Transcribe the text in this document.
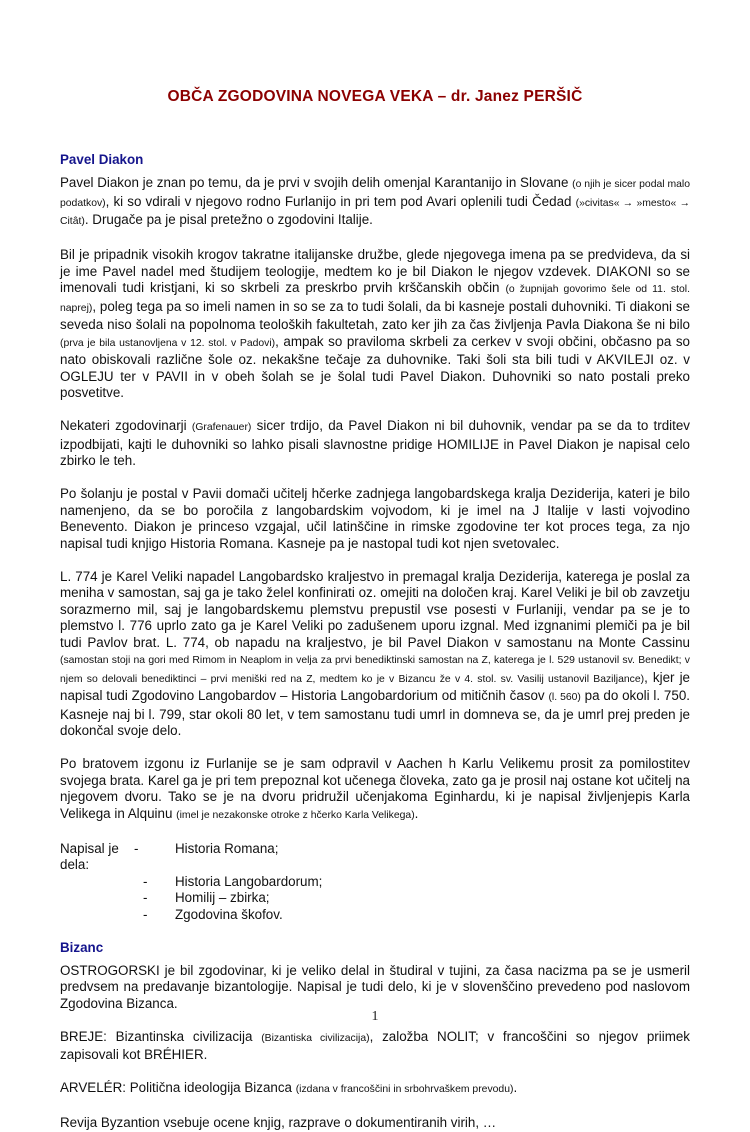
OBČA ZGODOVINA NOVEGA VEKA – dr. Janez PERŠIČ
Pavel Diakon

Pavel Diakon je znan po temu, da je prvi v svojih delih omenjal Karantanijo in Slovane (o njih je sicer podal malo podatkov), ki so vdirali v njegovo rodno Furlanijo in pri tem pod Avari oplenili tudi Čedad (»civitas« → »mesto« → Citât). Drugače pa je pisal pretežno o zgodovini Italije.

Bil je pripadnik visokih krogov takratne italijanske družbe, glede njegovega imena pa se predvideva, da si je ime Pavel nadel med študijem teologije, medtem ko je bil Diakon le njegov vzdevek. DIAKONI so se imenovali tudi kristjani, ki so skrbeli za preskrbo prvih krščanskih občin (o župnijah govorimo šele od 11. stol. naprej), poleg tega pa so imeli namen in so se za to tudi šolali, da bi kasneje postali duhovniki. Ti diakoni se seveda niso šolali na popolnoma teoloških fakultetah, zato ker jih za čas življenja Pavla Diakona še ni bilo (prva je bila ustanovljena v 12. stol. v Padovi), ampak so praviloma skrbeli za cerkev v svoji občini, občasno pa so nato obiskovali različne šole oz. nekakšne tečaje za duhovnike. Taki šoli sta bili tudi v AKVILEJI oz. v OGLEJU ter v PAVII in v obeh šolah se je šolal tudi Pavel Diakon. Duhovniki so nato postali preko posvetitve.

Nekateri zgodovinarji (Grafenauer) sicer trdijo, da Pavel Diakon ni bil duhovnik, vendar pa se da to trditev izpodbijati, kajti le duhovniki so lahko pisali slavnostne pridige HOMILIJE in Pavel Diakon je napisal celo zbirko le teh.

Po šolanju je postal v Pavii domači učitelj hčerke zadnjega langobardskega kralja Deziderija, kateri je bilo namenjeno, da se bo poročila z langobardskim vojvodom, ki je imel na J Italije v lasti vojvodino Benevento. Diakon je princeso vzgajal, učil latinščine in rimske zgodovine ter kot proces tega, za njo napisal tudi knjigo Historia Romana. Kasneje pa je nastopal tudi kot njen svetovalec.

L. 774 je Karel Veliki napadel Langobardsko kraljestvo in premagal kralja Deziderija, katerega je poslal za meniha v samostan, saj ga je tako želel konfinirati oz. omejiti na določen kraj. Karel Veliki je bil ob zavzetju sorazmerno mil, saj je langobardskemu plemstvu prepustil vse posesti v Furlaniji, vendar pa se je to plemstvo l. 776 uprlo zato ga je Karel Veliki po zadušenem uporu izgnal. Med izgnanimi plemiči pa je bil tudi Pavlov brat. L. 774, ob napadu na kraljestvo, je bil Pavel Diakon v samostanu na Monte Cassinu (samostan stoji na gori med Rimom in Neaplom in velja za prvi benediktinski samostan na Z, katerega je l. 529 ustanovil sv. Benedikt; v njem so delovali benediktinci – prvi meniški red na Z, medtem ko je v Bizancu že v 4. stol. sv. Vasilij ustanovil Baziljance), kjer je napisal tudi Zgodovino Langobardov – Historia Langobardorium od mitičnih časov (l. 560) pa do okoli l. 750. Kasneje naj bi l. 799, star okoli 80 let, v tem samostanu tudi umrl in domneva se, da je umrl prej preden je dokončal svoje delo.

Po bratovem izgonu iz Furlanije se je sam odpravil v Aachen h Karlu Velikemu prosit za pomilostitev svojega brata. Karel ga je pri tem prepoznal kot učenega človeka, zato ga je prosil naj ostane kot učitelj na njegovem dvoru. Tako se je na dvoru pridružil učenjakoma Eginhardu, ki je napisal življenjepis Karla Velikega in Alquinu (imel je nezakonske otroke z hčerko Karla Velikega).

Napisal je dela:
-	Historia Romana;
-	Historia Langobardorum;
-	Homilij – zbirka;
-	Zgodovina škofov.
Bizanc

OSTROGORSKI je bil zgodovinar, ki je veliko delal in študiral v tujini, za časa nacizma pa se je usmeril predvsem na predavanje bizantologije. Napisal je tudi delo, ki je v slovenščino prevedeno pod naslovom Zgodovina Bizanca.

BREJE: Bizantinska civilizacija (Bizantiska civilizacija), založba NOLIT; v francoščini so njegov priimek zapisovali kot BRÉHIER.

ARVELÉR: Politična ideologija Bizanca (izdana v francoščini in srbohrvaškem prevodu).

Revija Byzantion vsebuje ocene knjig, razprave o dokumentiranih virih, …

1
